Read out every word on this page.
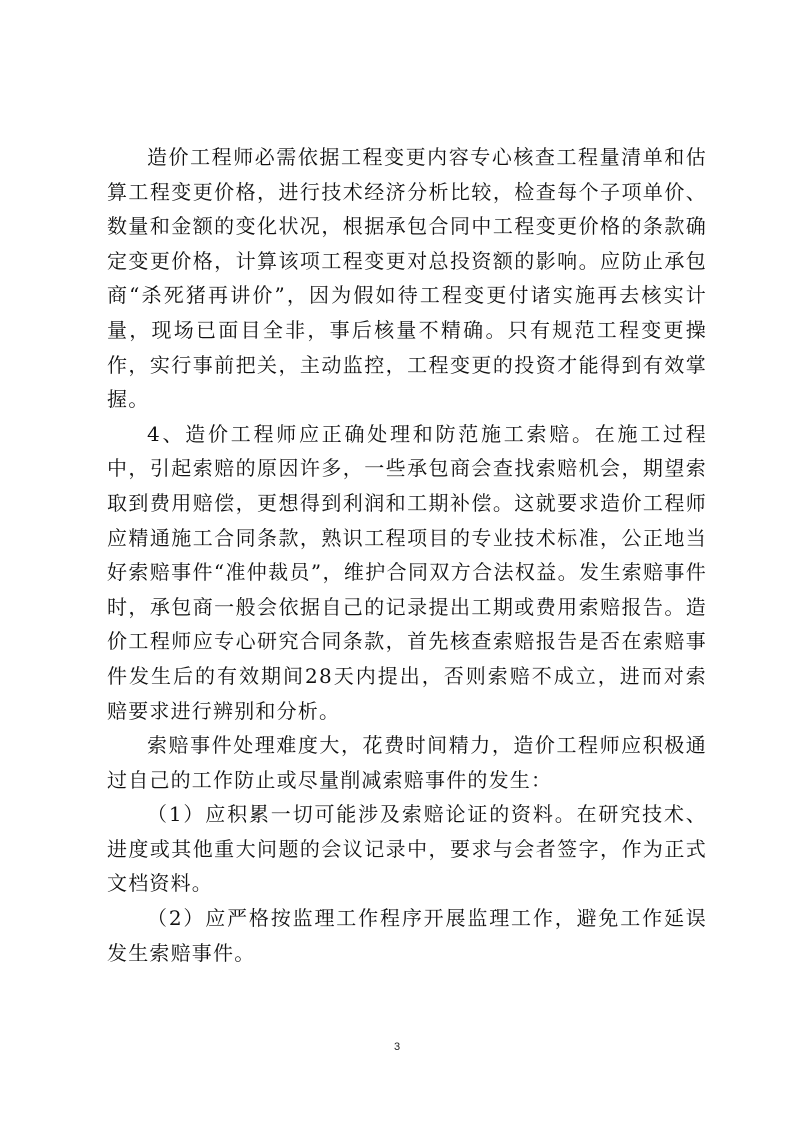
造价工程师必需依据工程变更内容专心核查工程量清单和估算工程变更价格，进行技术经济分析比较，检查每个子项单价、数量和金额的变化状况，根据承包合同中工程变更价格的条款确定变更价格，计算该项工程变更对总投资额的影响。应防止承包商“杀死猪再讲价”，因为假如待工程变更付诸实施再去核实计量，现场已面目全非，事后核量不精确。只有规范工程变更操作，实行事前把关，主动监控，工程变更的投资才能得到有效掌握。

4、造价工程师应正确处理和防范施工索赔。在施工过程中，引起索赔的原因许多，一些承包商会查找索赔机会，期望索取到费用赔偿，更想得到利润和工期补偿。这就要求造价工程师应精通施工合同条款，熟识工程项目的专业技术标准，公正地当好索赔事件“准仲裁员”，维护合同双方合法权益。发生索赔事件时，承包商一般会依据自己的记录提出工期或费用索赔报告。造价工程师应专心研究合同条款，首先核查索赔报告是否在索赔事件发生后的有效期间28天内提出，否则索赔不成立，进而对索赔要求进行辨别和分析。

索赔事件处理难度大，花费时间精力，造价工程师应积极通过自己的工作防止或尽量削减索赔事件的发生：

（1）应积累一切可能涉及索赔论证的资料。在研究技术、进度或其他重大问题的会议记录中，要求与会者签字，作为正式文档资料。

（2）应严格按监理工作程序开展监理工作，避免工作延误发生索赔事件。

3
